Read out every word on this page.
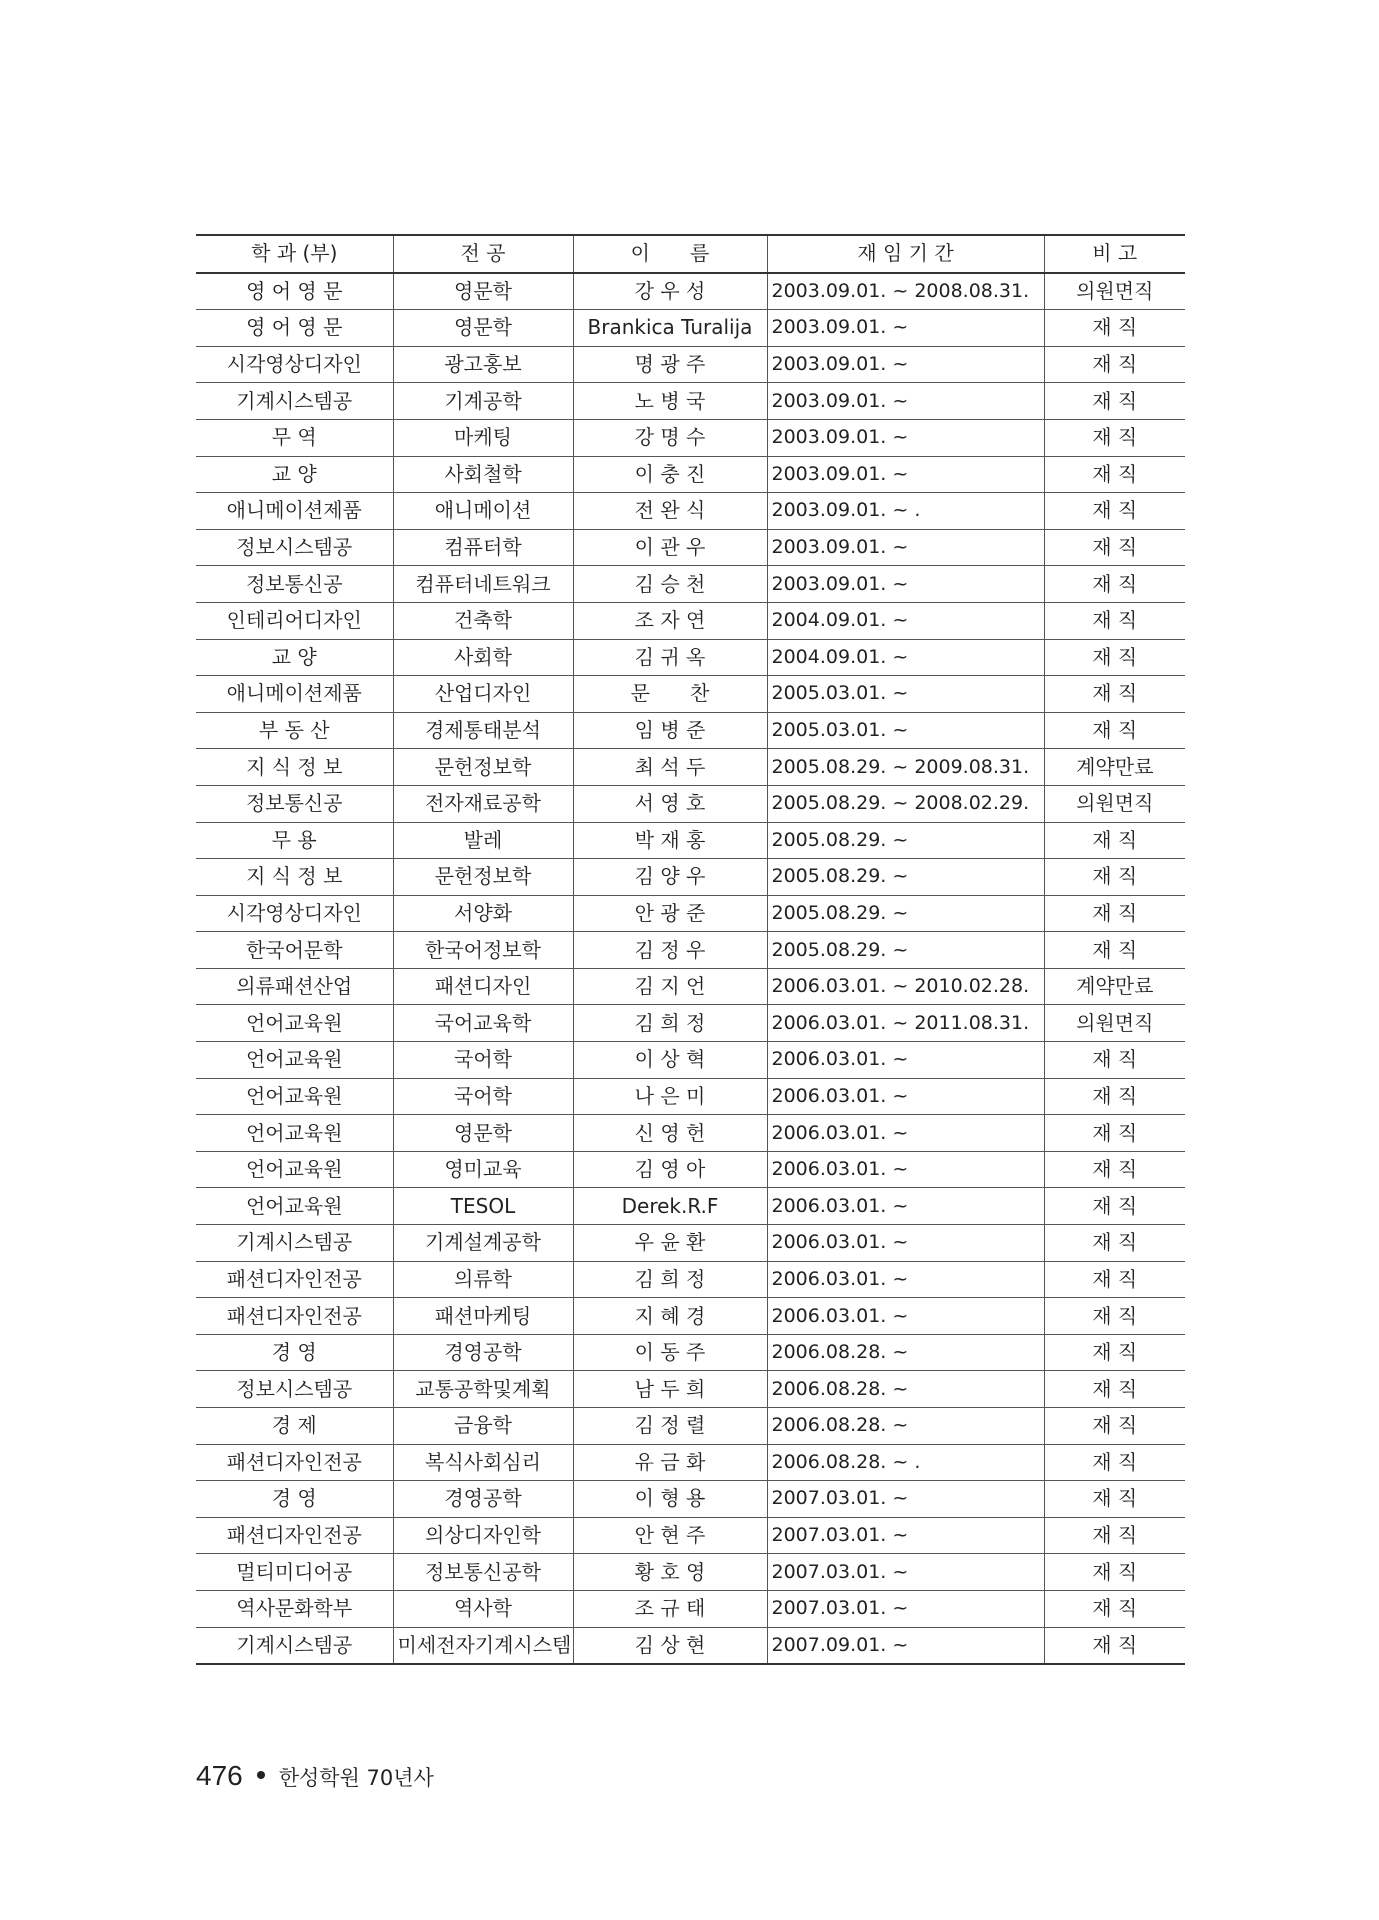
학 과 (부)	전 공	이　　름	재 임 기 간	비 고
영 어 영 문	영문학	강 우 성	2003.09.01. ~ 2008.08.31.	의원면직
영 어 영 문	영문학	Brankica Turalija	2003.09.01. ~	재 직
시각영상디자인	광고홍보	명 광 주	2003.09.01. ~	재 직
기계시스템공	기계공학	노 병 국	2003.09.01. ~	재 직
무 역	마케팅	강 명 수	2003.09.01. ~	재 직
교 양	사회철학	이 충 진	2003.09.01. ~	재 직
애니메이션제품	애니메이션	전 완 식	2003.09.01. ~ .	재 직
정보시스템공	컴퓨터학	이 관 우	2003.09.01. ~	재 직
정보통신공	컴퓨터네트워크	김 승 천	2003.09.01. ~	재 직
인테리어디자인	건축학	조 자 연	2004.09.01. ~	재 직
교 양	사회학	김 귀 옥	2004.09.01. ~	재 직
애니메이션제품	산업디자인	문　　찬	2005.03.01. ~	재 직
부 동 산	경제통태분석	임 병 준	2005.03.01. ~	재 직
지 식 정 보	문헌정보학	최 석 두	2005.08.29. ~ 2009.08.31.	계약만료
정보통신공	전자재료공학	서 영 호	2005.08.29. ~ 2008.02.29.	의원면직
무 용	발레	박 재 홍	2005.08.29. ~	재 직
지 식 정 보	문헌정보학	김 양 우	2005.08.29. ~	재 직
시각영상디자인	서양화	안 광 준	2005.08.29. ~	재 직
한국어문학	한국어정보학	김 정 우	2005.08.29. ~	재 직
의류패션산업	패션디자인	김 지 언	2006.03.01. ~ 2010.02.28.	계약만료
언어교육원	국어교육학	김 희 정	2006.03.01. ~ 2011.08.31.	의원면직
언어교육원	국어학	이 상 혁	2006.03.01. ~	재 직
언어교육원	국어학	나 은 미	2006.03.01. ~	재 직
언어교육원	영문학	신 영 헌	2006.03.01. ~	재 직
언어교육원	영미교육	김 영 아	2006.03.01. ~	재 직
언어교육원	TESOL	Derek.R.F	2006.03.01. ~	재 직
기계시스템공	기계설계공학	우 윤 환	2006.03.01. ~	재 직
패션디자인전공	의류학	김 희 정	2006.03.01. ~	재 직
패션디자인전공	패션마케팅	지 혜 경	2006.03.01. ~	재 직
경 영	경영공학	이 동 주	2006.08.28. ~	재 직
정보시스템공	교통공학및계획	남 두 희	2006.08.28. ~	재 직
경 제	금융학	김 정 렬	2006.08.28. ~	재 직
패션디자인전공	복식사회심리	유 금 화	2006.08.28. ~ .	재 직
경 영	경영공학	이 형 용	2007.03.01. ~	재 직
패션디자인전공	의상디자인학	안 현 주	2007.03.01. ~	재 직
멀티미디어공	정보통신공학	황 호 영	2007.03.01. ~	재 직
역사문화학부	역사학	조 규 태	2007.03.01. ~	재 직
기계시스템공	미세전자기계시스템	김 상 현	2007.09.01. ~	재 직
476 한성학원 70년사
